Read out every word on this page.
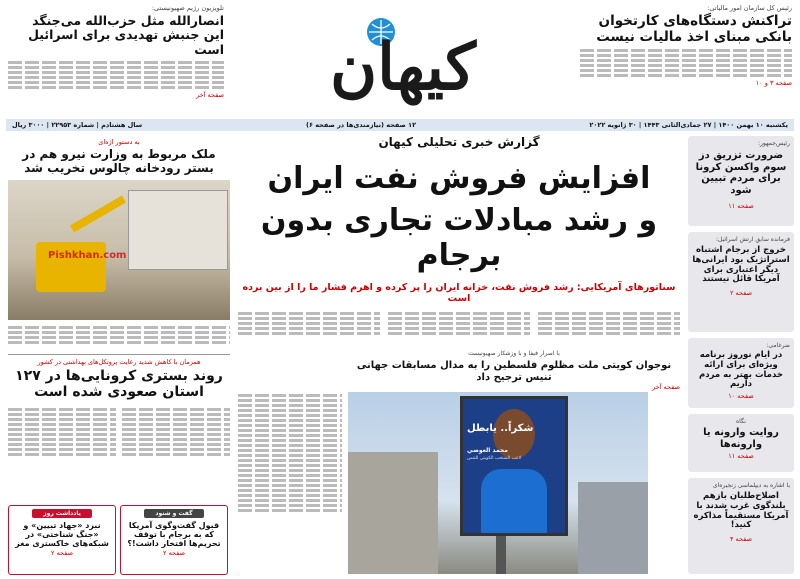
رئیس کل سازمان امور مالیاتی:
تراکنش دستگاه‌های کارتخوان بانکی مبنای اخذ مالیات نیست
صفحه ۳ و ۱۰
کیهان
تلویزیون رژیم صهیونیستی:
انصارالله مثل حزب‌الله می‌جنگد این جنبش تهدیدی برای اسرائیل است
صفحه آخر
یکشنبه ۱۰ بهمن ۱۴۰۰ | ۲۷ جمادی‌الثانی ۱۴۴۳ | ۳۰ ژانویه ۲۰۲۲
۱۲ صفحه (نیازمندی‌ها در صفحه ۶)
سال هشتادم | شماره ۲۲۹۵۳ | ۳۰۰۰ ریال
رئیس‌جمهور:
ضرورت تزریق دز سوم واکسن کرونا برای مردم تبیین شود
صفحه ۱۱
فرمانده سابق ارتش اسرائیل:
خروج از برجام اشتباه استراتژیک بود ایرانی‌ها دیگر اعتباری برای آمریکا قائل نیستند
صفحه ۲
ضرغامی:
در ایام نوروز برنامه ویژه‌ای برای ارائه خدمات بهتر به مردم داریم
صفحه ۱۰
نگاه
روایت وارونه یا وارونه‌ها
صفحه ۱۱
با اشاره به دیپلماسی زنجیره‌ای
اصلاح‌طلبان بازهم بلندگوی غرب شدند با آمریکا مستقیماً مذاکره کنید!
صفحه ۴
گزارش خبری تحلیلی کیهان
افزایش فروش نفت ایران
و رشد مبادلات تجاری بدون برجام
سناتورهای آمریکایی: رشد فروش نفت، خزانه ایران را پر کرده و اهرم فشار ما را از بین برده است
با اصرار فیفا و با وزشکار صهیونیست
نوجوان کویتی ملت مظلوم فلسطین را به مدال مسابقات جهانی تنیس ترجیح داد
صفحه آخر
شكراً.. يابطل
محمد العوضي
لاعب المنتخب الكويتي للتنس
به دستور اژه‌ای
ملک مربوط به وزارت نیرو هم در بستر رودخانه چالوس تخریب شد
Pishkhan.com
همزمان با کاهش شدید رعایت پروتکل‌های بهداشتی در کشور
روند بستری کرونایی‌ها در ۱۲۷ استان صعودی شده است
گفت و شنود
قبول گفت‌وگوی آمریکا که به برجام با توقف تحریم‌ها افتخار داشت!؟
صفحه ۲
یادداشت روز
نبرد «جهاد تبیین» و «جنگ شناختی» در شبکه‌های خاکستری مغز
صفحه ۲
